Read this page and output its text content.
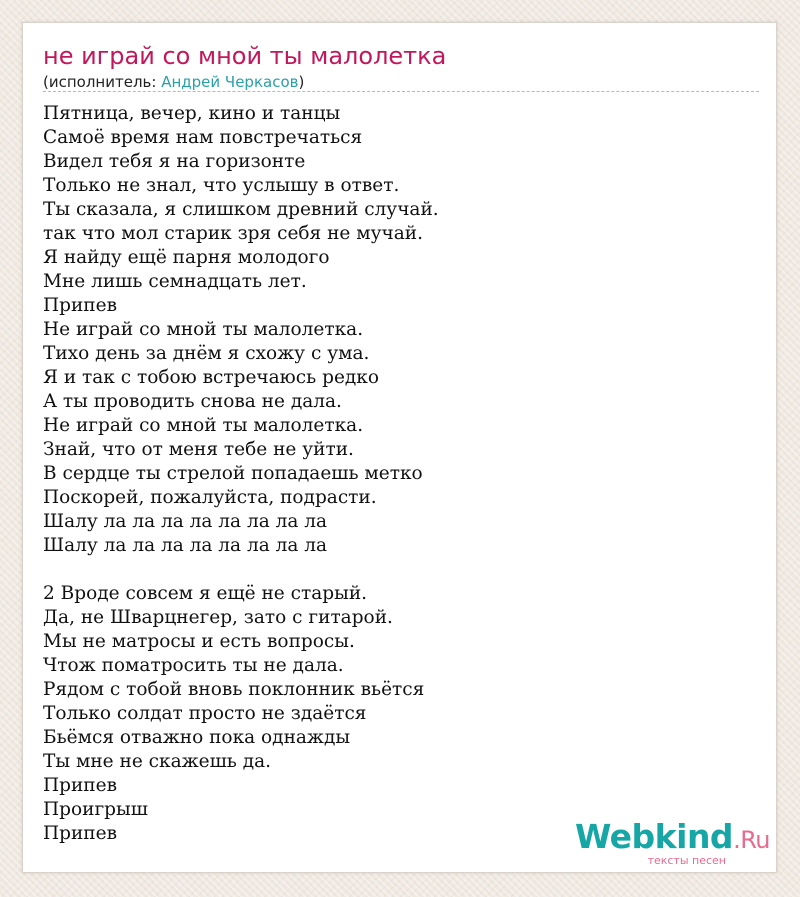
не играй со мной ты малолетка
(исполнитель: Андрей Черкасов)
Пятница, вечер, кино и танцы
Самоё время нам повстречаться
Видел тебя я на горизонте
Только не знал, что услышу в ответ.
Ты сказала, я слишком древний случай.
так что мол старик зря себя не мучай.
Я найду ещё парня молодого
Мне лишь семнадцать лет.
Припев
Не играй со мной ты малолетка.
Тихо день за днём я схожу с ума.
Я и так с тобою встречаюсь редко
А ты проводить снова не дала.
Не играй со мной ты малолетка.
Знай, что от меня тебе не уйти.
В сердце ты стрелой попадаешь метко
Поскорей, пожалуйста, подрасти.
Шалу ла ла ла ла ла ла ла ла
Шалу ла ла ла ла ла ла ла ла

2 Вроде совсем я ещё не старый.
Да, не Шварцнегер, зато с гитарой.
Мы не матросы и есть вопросы.
Чтож поматросить ты не дала.
Рядом с тобой вновь поклонник вьётся
Только солдат просто не здаётся
Бьёмся отважно пока однажды
Ты мне не скажешь да.
Припев
Проигрыш
Припев	Webkind.Ru
тексты песен
